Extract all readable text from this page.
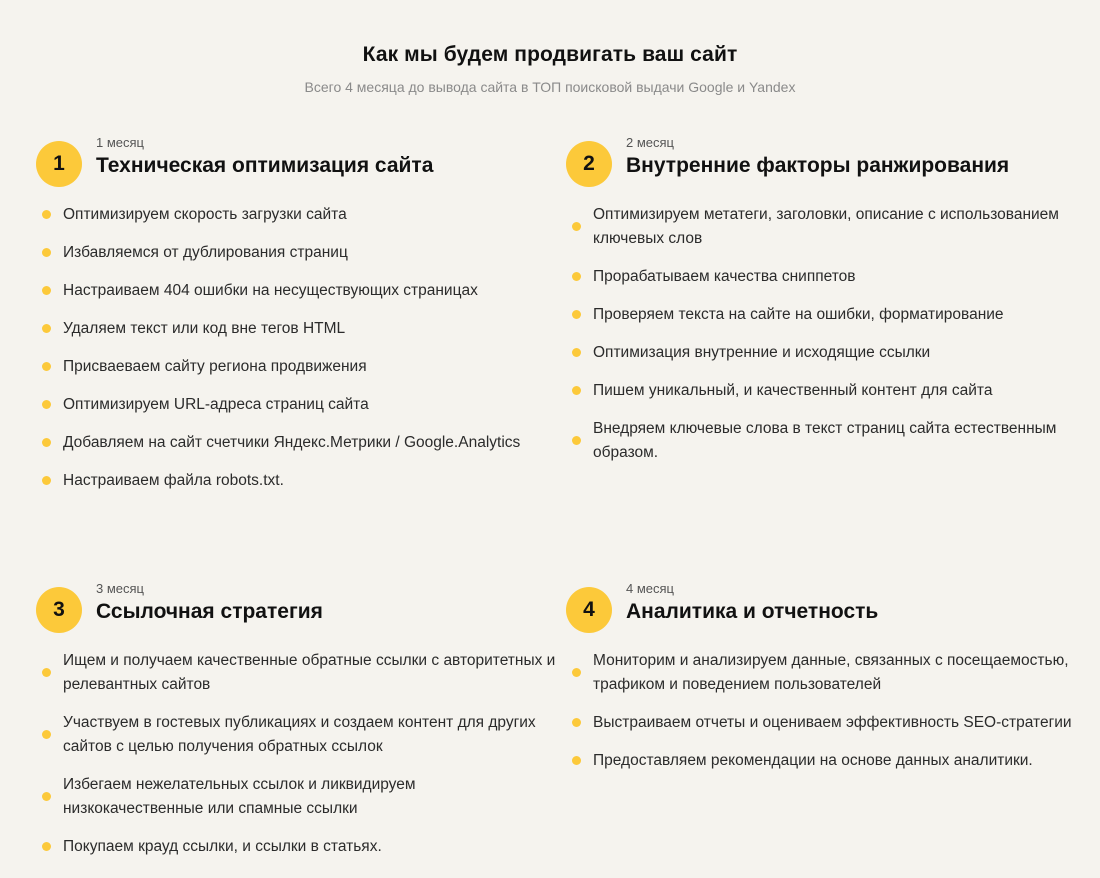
Как мы будем продвигать ваш сайт
Всего 4 месяца до вывода сайта в ТОП поисковой выдачи Google и Yandex
1
1 месяц
Техническая оптимизация сайта
Оптимизируем скорость загрузки сайта
Избавляемся от дублирования страниц
Настраиваем 404 ошибки на несуществующих страницах
Удаляем текст или код вне тегов HTML
Присваеваем сайту региона продвижения
Оптимизируем URL-адреса страниц сайта
Добавляем на сайт счетчики Яндекс.Метрики / Google.Analytics
Настраиваем файла robots.txt.
2
2 месяц
Внутренние факторы ранжирования
Оптимизируем метатеги, заголовки, описание с использованием ключевых слов
Прорабатываем качества сниппетов
Проверяем текста на сайте на ошибки, форматирование
Оптимизация внутренние и исходящие ссылки
Пишем уникальный, и качественный контент для сайта
Внедряем ключевые слова в текст страниц сайта естественным образом.
3
3 месяц
Ссылочная стратегия
Ищем и получаем качественные обратные ссылки с авторитетных и релевантных сайтов
Участвуем в гостевых публикациях и создаем контент для других сайтов с целью получения обратных ссылок
Избегаем нежелательных ссылок и ликвидируем низкокачественные или спамные ссылки
Покупаем крауд ссылки, и ссылки в статьях.
4
4 месяц
Аналитика и отчетность
Мониторим и анализируем данные, связанных с посещаемостью, трафиком и поведением пользователей
Выстраиваем отчеты и оцениваем эффективность SEO-стратегии
Предоставляем рекомендации на основе данных аналитики.
